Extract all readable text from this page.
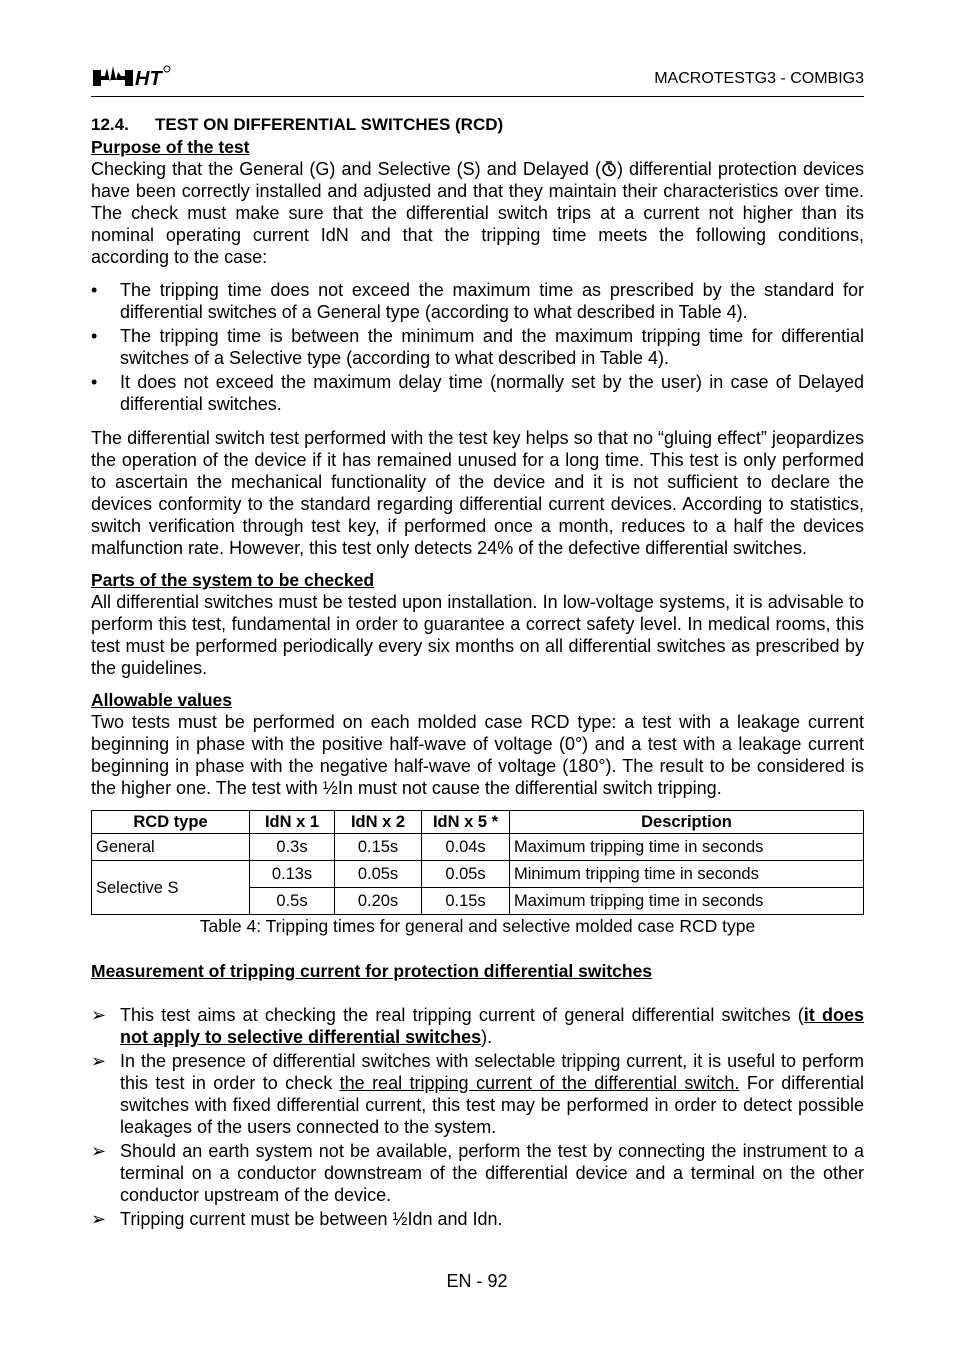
HT	MACROTESTG3 - COMBIG3
12.4. TEST ON DIFFERENTIAL SWITCHES (RCD)
Purpose of the test

Checking that the General (G) and Selective (S) and Delayed ( ) differential protection devices have been correctly installed and adjusted and that they maintain their characteristics over time. The check must make sure that the differential switch trips at a current not higher than its nominal operating current IdN and that the tripping time meets the following conditions, according to the case:

•	The tripping time does not exceed the maximum time as prescribed by the standard for differential switches of a General type (according to what described in Table 4).
•	The tripping time is between the minimum and the maximum tripping time for differential switches of a Selective type (according to what described in Table 4).
•	It does not exceed the maximum delay time (normally set by the user) in case of Delayed differential switches.

The differential switch test performed with the test key helps so that no “gluing effect” jeopardizes the operation of the device if it has remained unused for a long time. This test is only performed to ascertain the mechanical functionality of the device and it is not sufficient to declare the devices conformity to the standard regarding differential current devices. According to statistics, switch verification through test key, if performed once a month, reduces to a half the devices malfunction rate. However, this test only detects 24% of the defective differential switches.

Parts of the system to be checked

All differential switches must be tested upon installation. In low-voltage systems, it is advisable to perform this test, fundamental in order to guarantee a correct safety level. In medical rooms, this test must be performed periodically every six months on all differential switches as prescribed by the guidelines.

Allowable values

Two tests must be performed on each molded case RCD type: a test with a leakage current beginning in phase with the positive half-wave of voltage (0°) and a test with a leakage current beginning in phase with the negative half-wave of voltage (180°). The result to be considered is the higher one. The test with ½In must not cause the differential switch tripping.

RCD type	IdN x 1	IdN x 2	IdN x 5 *	Description
General	0.3s	0.15s	0.04s	Maximum tripping time in seconds
Selective S	0.13s	0.05s	0.05s	Minimum tripping time in seconds
	0.5s	0.20s	0.15s	Maximum tripping time in seconds
Table 4: Tripping times for general and selective molded case RCD type
Measurement of tripping current for protection differential switches
➢ This test aims at checking the real tripping current of general differential switches (it does not apply to selective differential switches).
➢ In the presence of differential switches with selectable tripping current, it is useful to perform this test in order to check the real tripping current of the differential switch. For differential switches with fixed differential current, this test may be performed in order to detect possible leakages of the users connected to the system.
➢ Should an earth system not be available, perform the test by connecting the instrument to a terminal on a conductor downstream of the differential device and a terminal on the other conductor upstream of the device.
➢ Tripping current must be between ½Idn and Idn.
EN - 92
